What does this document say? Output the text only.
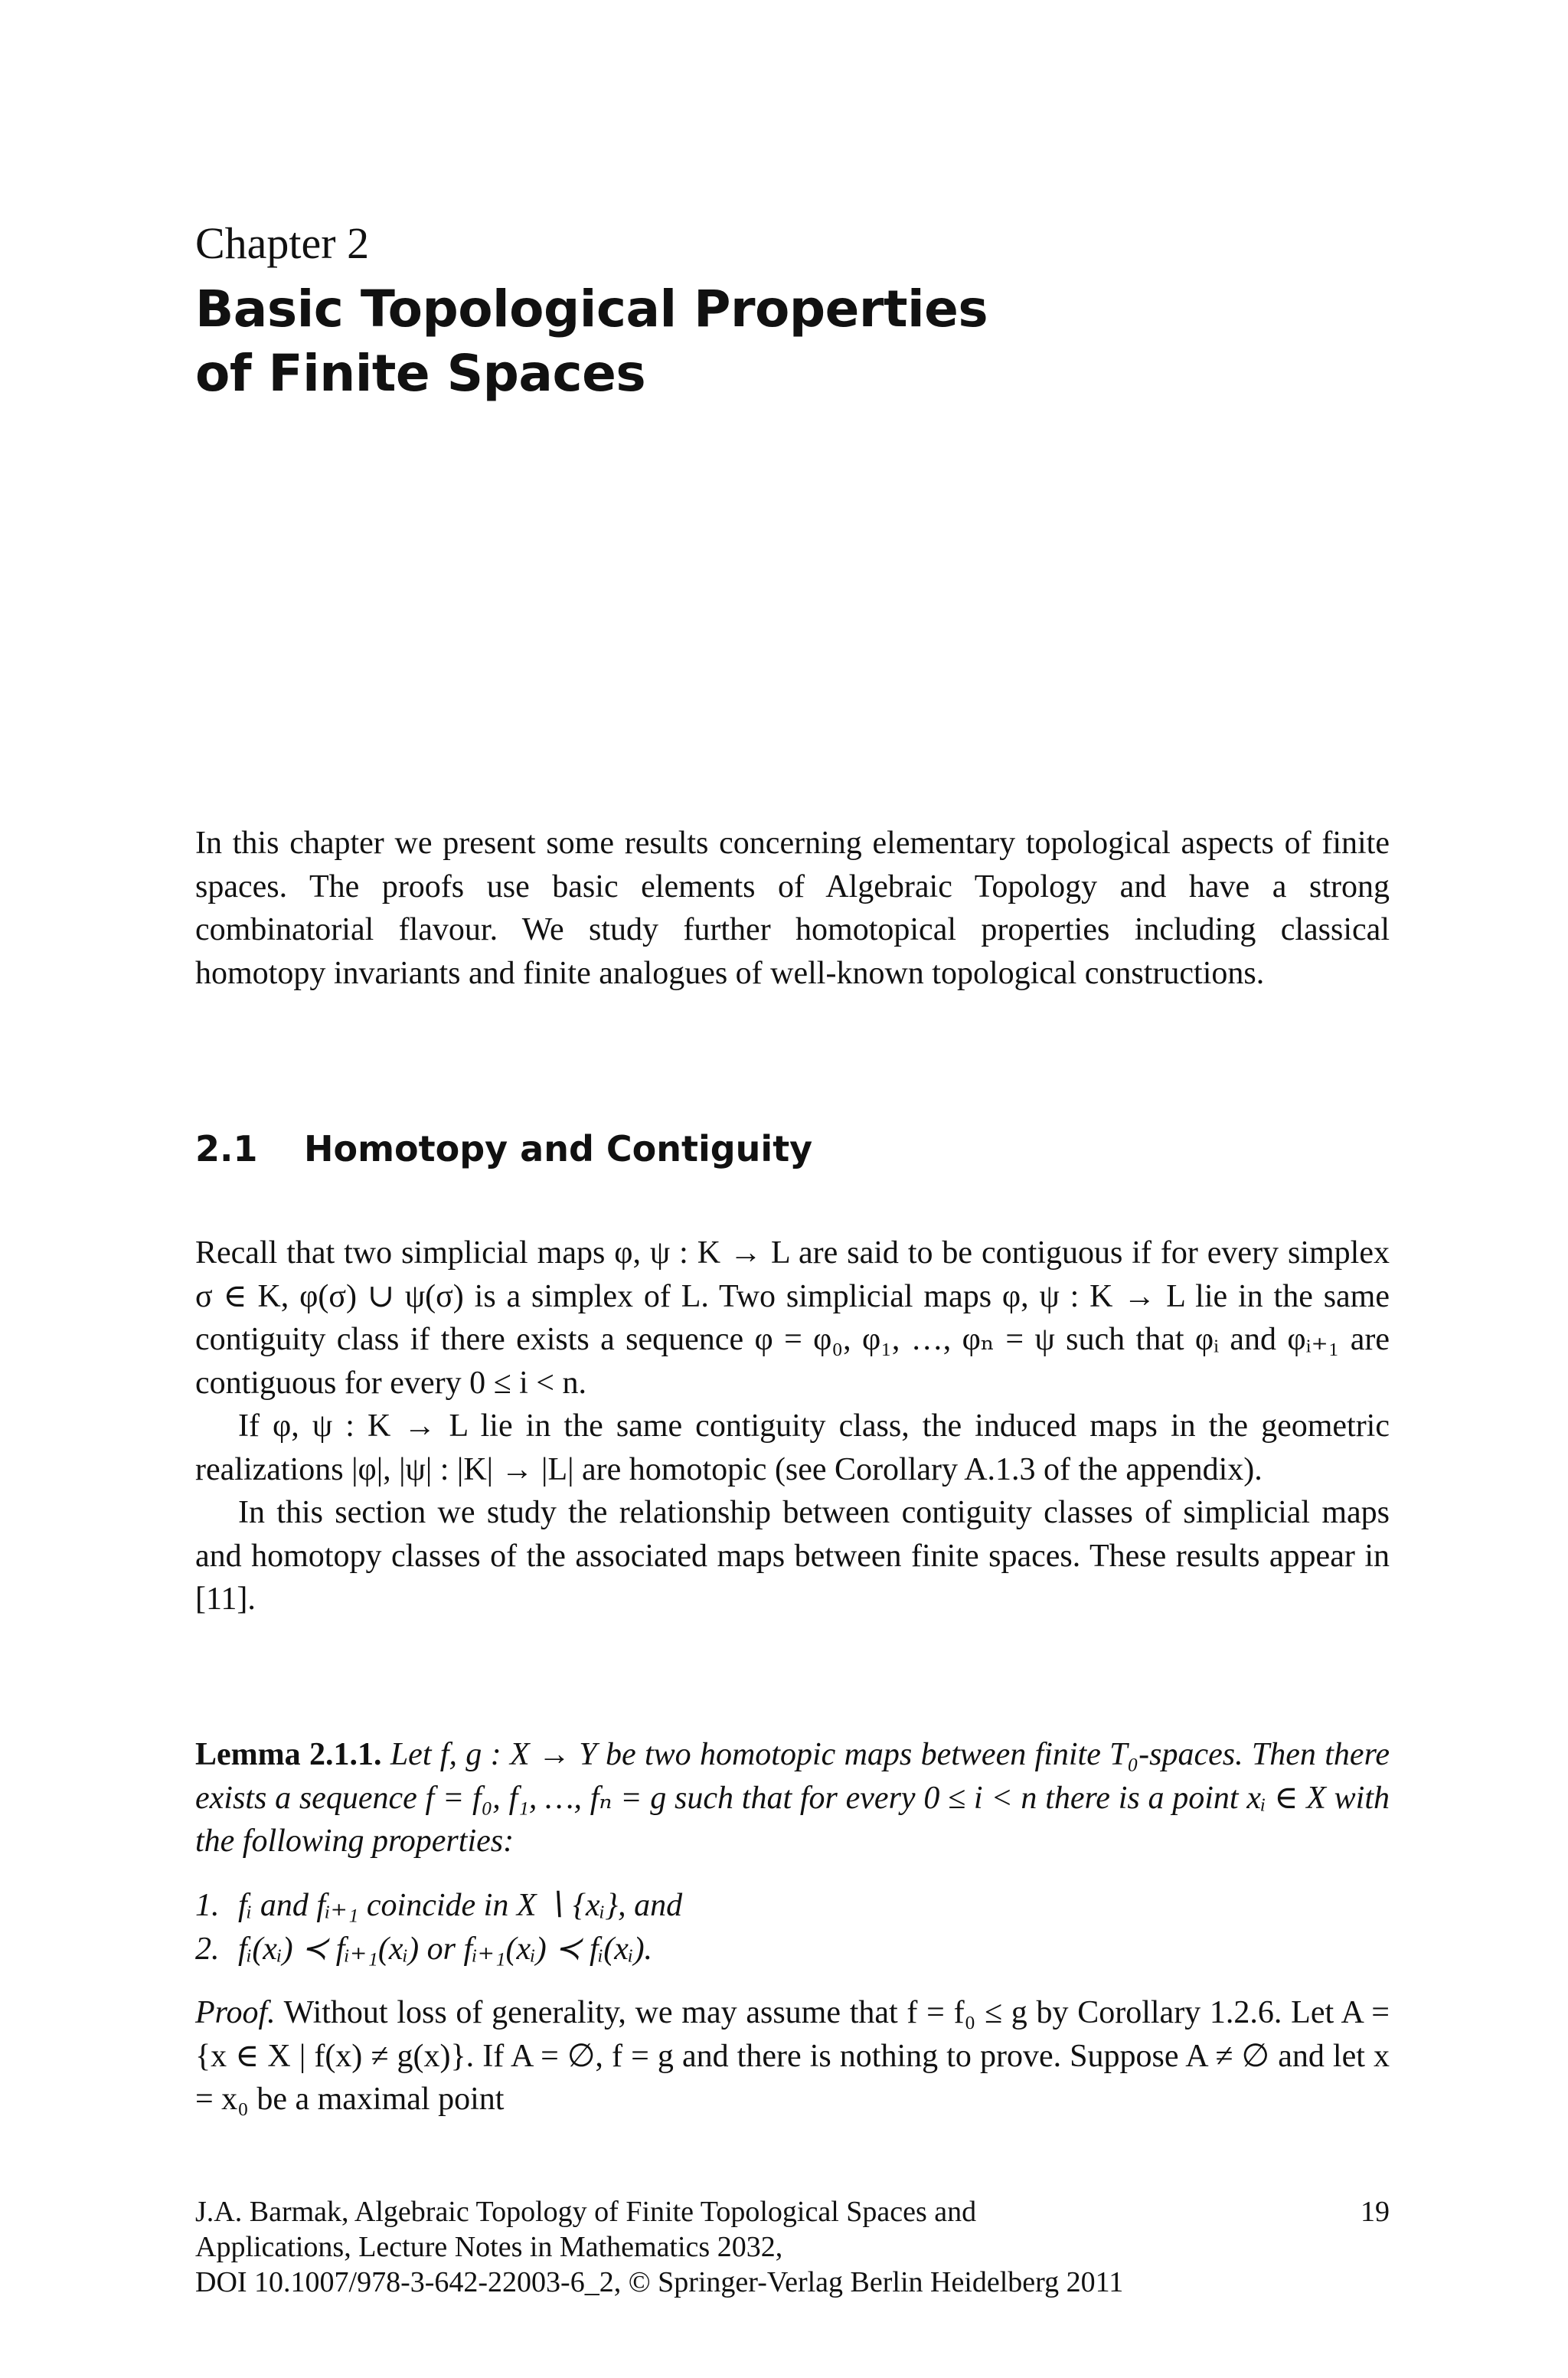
Chapter 2
Basic Topological Properties
of Finite Spaces

In this chapter we present some results concerning elementary topological aspects of finite spaces. The proofs use basic elements of Algebraic Topology and have a strong combinatorial flavour. We study further homotopical properties including classical homotopy invariants and finite analogues of well-known topological constructions.

2.1 Homotopy and Contiguity

Recall that two simplicial maps φ, ψ : K → L are said to be contiguous if for every simplex σ ∈ K, φ(σ) ∪ ψ(σ) is a simplex of L. Two simplicial maps φ, ψ : K → L lie in the same contiguity class if there exists a sequence φ = φ₀, φ₁, …, φₙ = ψ such that φᵢ and φᵢ₊₁ are contiguous for every 0 ≤ i < n.

If φ, ψ : K → L lie in the same contiguity class, the induced maps in the geometric realizations |φ|, |ψ| : |K| → |L| are homotopic (see Corollary A.1.3 of the appendix).

In this section we study the relationship between contiguity classes of simplicial maps and homotopy classes of the associated maps between finite spaces. These results appear in [11].

Lemma 2.1.1. Let f, g : X → Y be two homotopic maps between finite T₀-spaces. Then there exists a sequence f = f₀, f₁, …, fₙ = g such that for every 0 ≤ i < n there is a point xᵢ ∈ X with the following properties:

1. fᵢ and fᵢ₊₁ coincide in X ∖ {xᵢ}, and
2. fᵢ(xᵢ) ≺ fᵢ₊₁(xᵢ) or fᵢ₊₁(xᵢ) ≺ fᵢ(xᵢ).

Proof. Without loss of generality, we may assume that f = f₀ ≤ g by Corollary 1.2.6. Let A = {x ∈ X | f(x) ≠ g(x)}. If A = ∅, f = g and there is nothing to prove. Suppose A ≠ ∅ and let x = x₀ be a maximal point

J.A. Barmak, Algebraic Topology of Finite Topological Spaces and
Applications, Lecture Notes in Mathematics 2032,
DOI 10.1007/978-3-642-22003-6_2, © Springer-Verlag Berlin Heidelberg 2011
19
